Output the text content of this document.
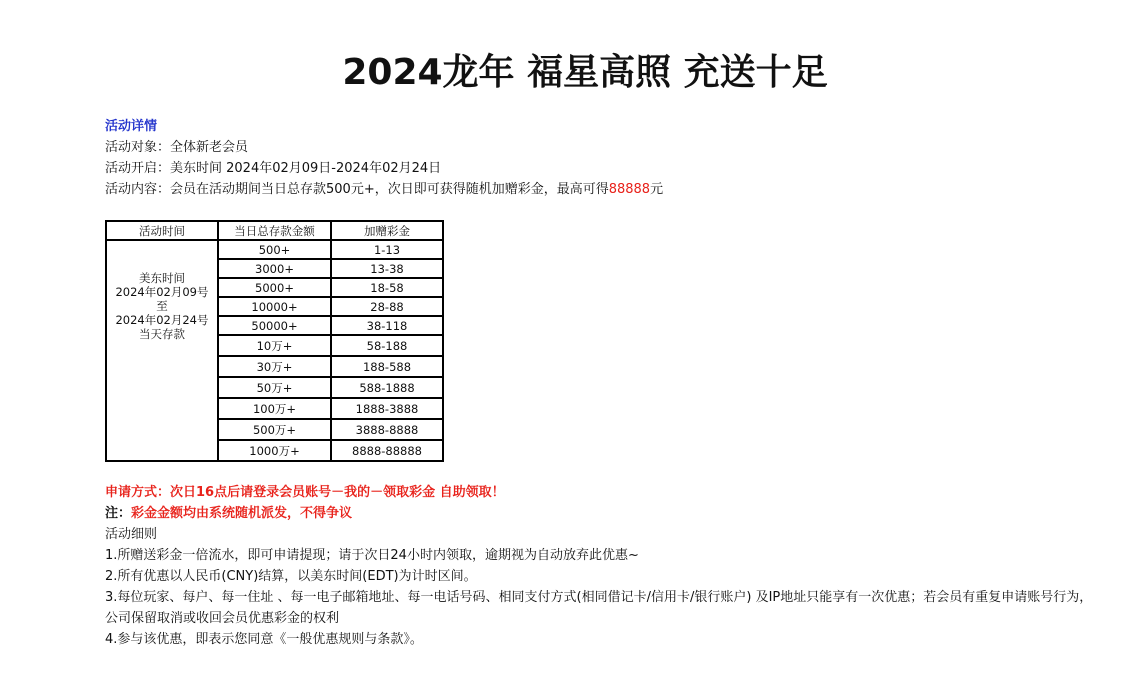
2024龙年 福星高照 充送十足
活动详情
活动对象：全体新老会员
活动开启：美东时间 2024年02月09日-2024年02月24日
活动内容：会员在活动期间当日总存款500元+，次日即可获得随机加赠彩金，最高可得88888元
活动时间	当日总存款金额	加赠彩金

美东时间
2024年02月09号
至
2024年02月24号
当天存款	500+	1-13
	3000+	13-38
	5000+	18-58
	10000+	28-88
	50000+	38-118
	10万+	58-188
	30万+	188-588
	50万+	588-1888
	100万+	1888-3888
	500万+	3888-8888
	1000万+	8888-88888
申请方式：次日16点后请登录会员账号－我的－领取彩金 自助领取！
注：彩金金额均由系统随机派发，不得争议
活动细则
1.所赠送彩金一倍流水，即可申请提现；请于次日24小时内领取，逾期视为自动放弃此优惠~
2.所有优惠以人民币(CNY)结算，以美东时间(EDT)为计时区间。
3.每位玩家、每户、每一住址 、每一电子邮箱地址、每一电话号码、相同支付方式(相同借记卡/信用卡/银行账户) 及IP地址只能享有一次优惠；若会员有重复申请账号行为，公司保留取消或收回会员优惠彩金的权利
4.参与该优惠，即表示您同意《一般优惠规则与条款》。
